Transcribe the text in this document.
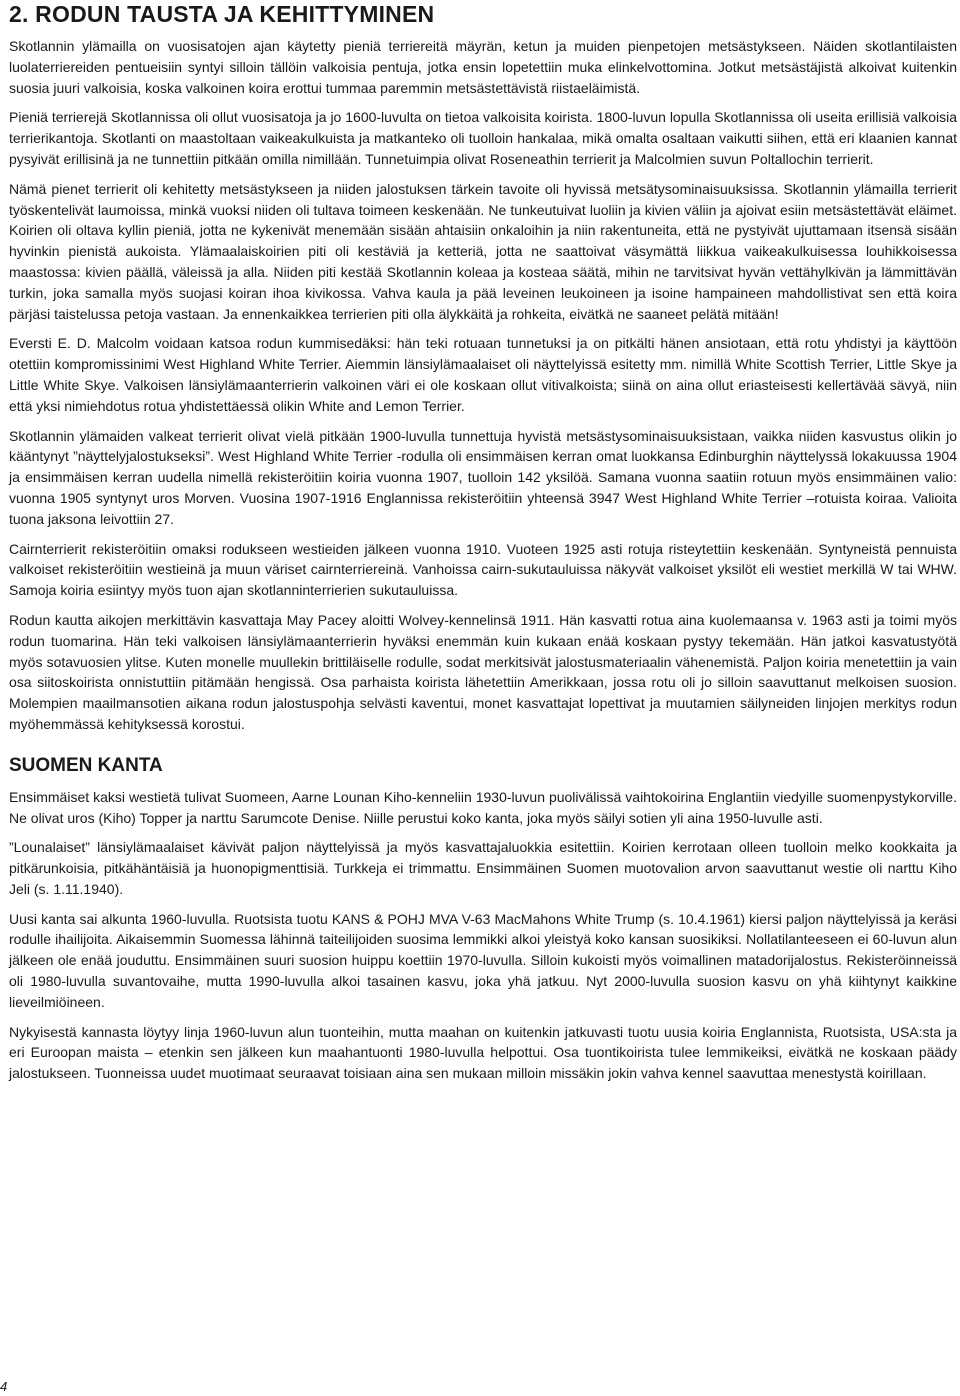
2. RODUN TAUSTA JA KEHITTYMINEN

Skotlannin ylämailla on vuosisatojen ajan käytetty pieniä terriereitä mäyrän, ketun ja muiden pienpetojen metsästykseen. Näiden skotlantilaisten luolaterriereiden pentueisiin syntyi silloin tällöin valkoisia pentuja, jotka ensin lopetettiin muka elinkelvottomina. Jotkut metsästäjistä alkoivat kuitenkin suosia juuri valkoisia, koska valkoinen koira erottui tummaa paremmin metsästettävistä riistaeläimistä.

Pieniä terrierejä Skotlannissa oli ollut vuosisatoja ja jo 1600-luvulta on tietoa valkoisita koirista. 1800-luvun lopulla Skotlannissa oli useita erillisiä valkoisia terrierikantoja. Skotlanti on maastoltaan vaikeakulkuista ja matkanteko oli tuolloin hankalaa, mikä omalta osaltaan vaikutti siihen, että eri klaanien kannat pysyivät erillisinä ja ne tunnettiin pitkään omilla nimillään. Tunnetuimpia olivat Roseneathin terrierit ja Malcolmien suvun Poltallochin terrierit.

Nämä pienet terrierit oli kehitetty metsästykseen ja niiden jalostuksen tärkein tavoite oli hyvissä metsätysominaisuuksissa. Skotlannin ylämailla terrierit työskentelivät laumoissa, minkä vuoksi niiden oli tultava toimeen keskenään. Ne tunkeutuivat luoliin ja kivien väliin ja ajoivat esiin metsästettävät eläimet. Koirien oli oltava kyllin pieniä, jotta ne kykenivät menemään sisään ahtaisiin onkaloihin ja niin rakentuneita, että ne pystyivät ujuttamaan itsensä sisään hyvinkin pienistä aukoista. Ylämaalaiskoirien piti oli kestäviä ja ketteriä, jotta ne saattoivat väsymättä liikkua vaikeakulkuisessa louhikkoisessa maastossa: kivien päällä, väleissä ja alla. Niiden piti kestää Skotlannin koleaa ja kosteaa säätä, mihin ne tarvitsivat hyvän vettähylkivän ja lämmittävän turkin, joka samalla myös suojasi koiran ihoa kivikossa. Vahva kaula ja pää leveinen leukoineen ja isoine hampaineen mahdollistivat sen että koira pärjäsi taistelussa petoja vastaan. Ja ennenkaikkea terrierien piti olla älykkäitä ja rohkeita, eivätkä ne saaneet pelätä mitään!

Eversti E. D. Malcolm voidaan katsoa rodun kummisedäksi: hän teki rotuaan tunnetuksi ja on pitkälti hänen ansiotaan, että rotu yhdistyi ja käyttöön otettiin kompromissinimi West Highland White Terrier. Aiemmin länsiylämaalaiset oli näyttelyissä esitetty mm. nimillä White Scottish Terrier, Little Skye ja Little White Skye. Valkoisen länsiylämaanterrierin valkoinen väri ei ole koskaan ollut vitivalkoista; siinä on aina ollut eriasteisesti kellertävää sävyä, niin että yksi nimiehdotus rotua yhdistettäessä olikin White and Lemon Terrier.

Skotlannin ylämaiden valkeat terrierit olivat vielä pitkään 1900-luvulla tunnettuja hyvistä metsästysominaisuuksistaan, vaikka niiden kasvustus olikin jo kääntynyt ”näyttelyjalostukseksi”. West Highland White Terrier -rodulla oli ensimmäisen kerran omat luokkansa Edinburghin näyttelyssä lokakuussa 1904 ja ensimmäisen kerran uudella nimellä rekisteröitiin koiria vuonna 1907, tuolloin 142 yksilöä. Samana vuonna saatiin rotuun myös ensimmäinen valio: vuonna 1905 syntynyt uros Morven. Vuosina 1907-1916 Englannissa rekisteröitiin yhteensä 3947 West Highland White Terrier –rotuista koiraa. Valioita tuona jaksona leivottiin 27.

Cairnterrierit rekisteröitiin omaksi rodukseen westieiden jälkeen vuonna 1910. Vuoteen 1925 asti rotuja risteytettiin keskenään. Syntyneistä pennuista valkoiset rekisteröitiin westieinä ja muun väriset cairnterriereinä. Vanhoissa cairn-sukutauluissa näkyvät valkoiset yksilöt eli westiet merkillä W tai WHW. Samoja koiria esiintyy myös tuon ajan skotlanninterrierien sukutauluissa.

Rodun kautta aikojen merkittävin kasvattaja May Pacey aloitti Wolvey-kennelinsä 1911. Hän kasvatti rotua aina kuolemaansa v. 1963 asti ja toimi myös rodun tuomarina. Hän teki valkoisen länsiylämaanterrierin hyväksi enemmän kuin kukaan enää koskaan pystyy tekemään. Hän jatkoi kasvatustyötä myös sotavuosien ylitse. Kuten monelle muullekin brittiläiselle rodulle, sodat merkitsivät jalostusmateriaalin vähenemistä. Paljon koiria menetettiin ja vain osa siitoskoirista onnistuttiin pitämään hengissä. Osa parhaista koirista lähetettiin Amerikkaan, jossa rotu oli jo silloin saavuttanut melkoisen suosion. Molempien maailmansotien aikana rodun jalostuspohja selvästi kaventui, monet kasvattajat lopettivat ja muutamien säilyneiden linjojen merkitys rodun myöhemmässä kehityksessä korostui.

SUOMEN KANTA

Ensimmäiset kaksi westietä tulivat Suomeen, Aarne Lounan Kiho-kenneliin 1930-luvun puolivälissä vaihtokoirina Englantiin viedyille suomenpystykorville. Ne olivat uros (Kiho) Topper ja narttu Sarumcote Denise. Niille perustui koko kanta, joka myös säilyi sotien yli aina 1950-luvulle asti.

”Lounalaiset” länsiylämaalaiset kävivät paljon näyttelyissä ja myös kasvattajaluokkia esitettiin. Koirien kerrotaan olleen tuolloin melko kookkaita ja pitkärunkoisia, pitkähäntäisiä ja huonopigmenttisiä. Turkkeja ei trimmattu. Ensimmäinen Suomen muotovalion arvon saavuttanut westie oli narttu Kiho Jeli (s. 1.11.1940).

Uusi kanta sai alkunta 1960-luvulla. Ruotsista tuotu KANS & POHJ MVA V-63 MacMahons White Trump (s. 10.4.1961) kiersi paljon näyttelyissä ja keräsi rodulle ihailijoita. Aikaisemmin Suomessa lähinnä taiteilijoiden suosima lemmikki alkoi yleistyä koko kansan suosikiksi. Nollatilanteeseen ei 60-luvun alun jälkeen ole enää jouduttu. Ensimmäinen suuri suosion huippu koettiin 1970-luvulla. Silloin kukoisti myös voimallinen matadorijalostus. Rekisteröinneissä oli 1980-luvulla suvantovaihe, mutta 1990-luvulla alkoi tasainen kasvu, joka yhä jatkuu. Nyt 2000-luvulla suosion kasvu on yhä kiihtynyt kaikkine lieveilmiöineen.

Nykyisestä kannasta löytyy linja 1960-luvun alun tuonteihin, mutta maahan on kuitenkin jatkuvasti tuotu uusia koiria Englannista, Ruotsista, USA:sta ja eri Euroopan maista – etenkin sen jälkeen kun maahantuonti 1980-luvulla helpottui. Osa tuontikoirista tulee lemmikeiksi, eivätkä ne koskaan päädy jalostukseen. Tuonneissa uudet muotimaat seuraavat toisiaan aina sen mukaan milloin missäkin jokin vahva kennel saavuttaa menestystä koirillaan.

4
